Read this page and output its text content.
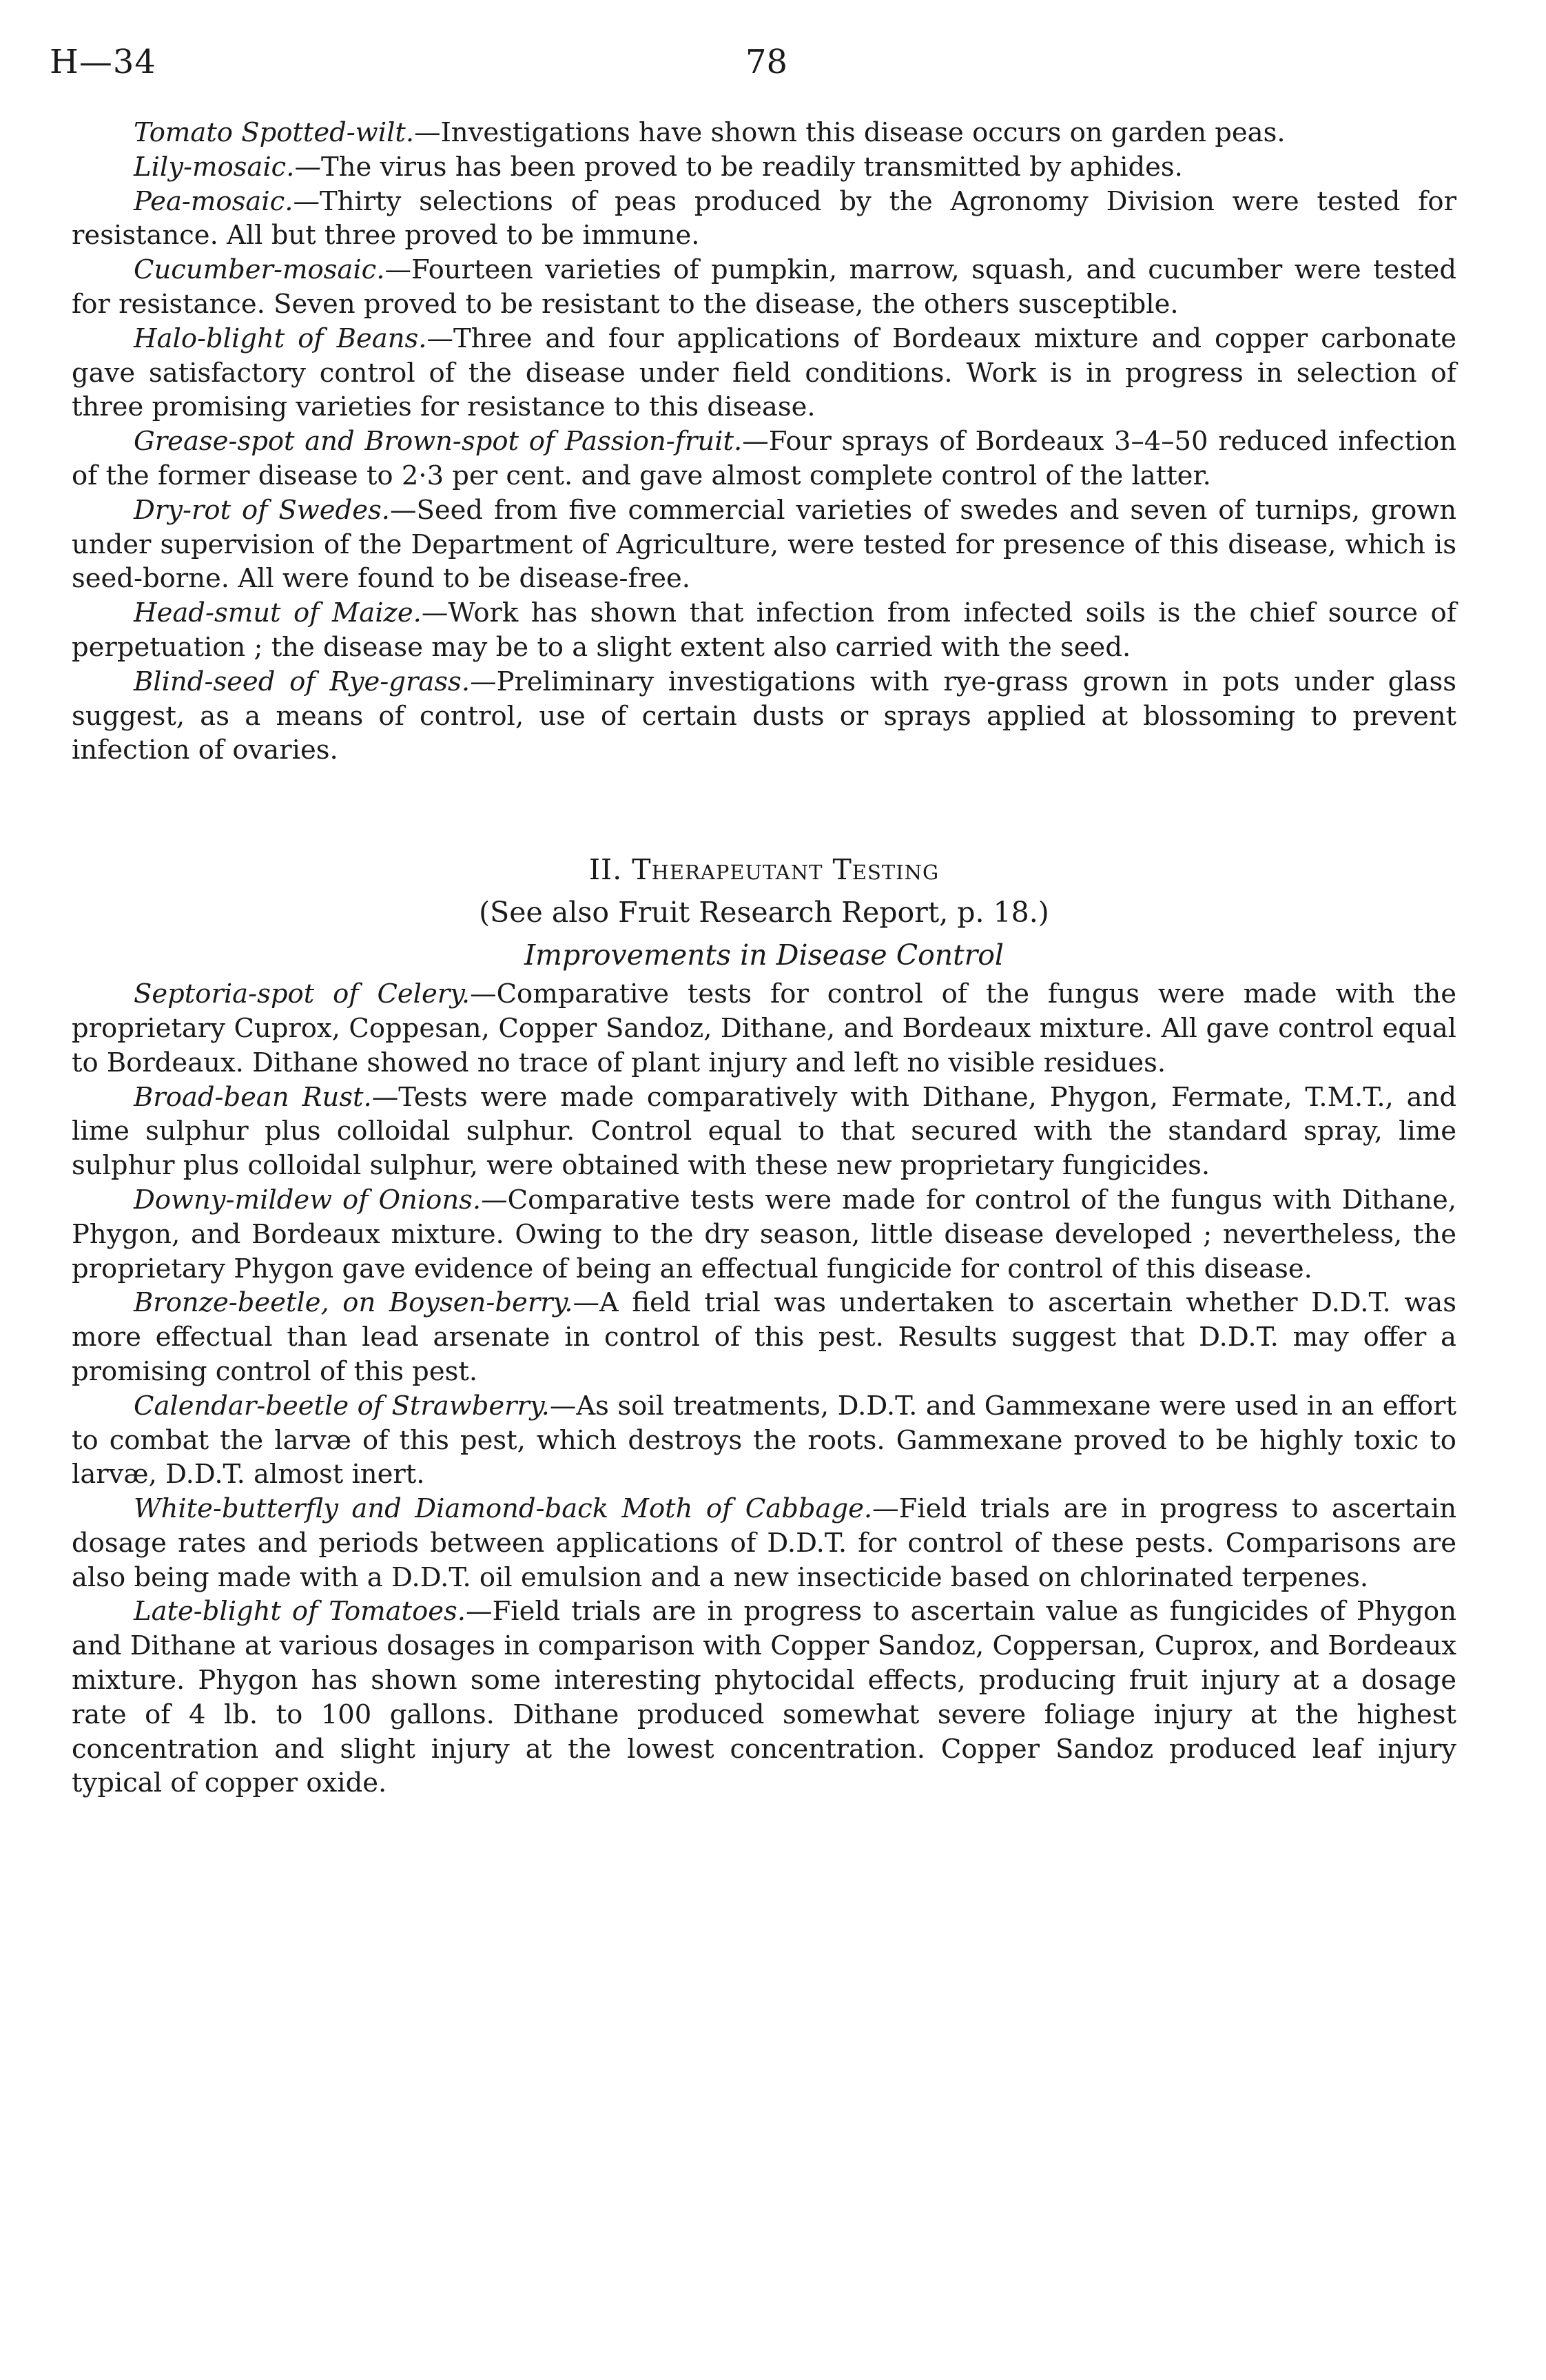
H—34	78

Tomato Spotted-wilt.—Investigations have shown this disease occurs on garden peas.

Lily-mosaic.—The virus has been proved to be readily transmitted by aphides.

Pea-mosaic.—Thirty selections of peas produced by the Agronomy Division were tested for resistance. All but three proved to be immune.

Cucumber-mosaic.—Fourteen varieties of pumpkin, marrow, squash, and cucumber were tested for resistance. Seven proved to be resistant to the disease, the others susceptible.

Halo-blight of Beans.—Three and four applications of Bordeaux mixture and copper carbonate gave satisfactory control of the disease under field conditions. Work is in progress in selection of three promising varieties for resistance to this disease.

Grease-spot and Brown-spot of Passion-fruit.—Four sprays of Bordeaux 3–4–50 reduced infection of the former disease to 2·3 per cent. and gave almost complete control of the latter.

Dry-rot of Swedes.—Seed from five commercial varieties of swedes and seven of turnips, grown under supervision of the Department of Agriculture, were tested for presence of this disease, which is seed-borne. All were found to be disease-free.

Head-smut of Maize.—Work has shown that infection from infected soils is the chief source of perpetuation ; the disease may be to a slight extent also carried with the seed.

Blind-seed of Rye-grass.—Preliminary investigations with rye-grass grown in pots under glass suggest, as a means of control, use of certain dusts or sprays applied at blossoming to prevent infection of ovaries.

II. Therapeutant Testing

(See also Fruit Research Report, p. 18.)

Improvements in Disease Control

Septoria-spot of Celery.—Comparative tests for control of the fungus were made with the proprietary Cuprox, Coppesan, Copper Sandoz, Dithane, and Bordeaux mixture. All gave control equal to Bordeaux. Dithane showed no trace of plant injury and left no visible residues.

Broad-bean Rust.—Tests were made comparatively with Dithane, Phygon, Fermate, T.M.T., and lime sulphur plus colloidal sulphur. Control equal to that secured with the standard spray, lime sulphur plus colloidal sulphur, were obtained with these new proprietary fungicides.

Downy-mildew of Onions.—Comparative tests were made for control of the fungus with Dithane, Phygon, and Bordeaux mixture. Owing to the dry season, little disease developed ; nevertheless, the proprietary Phygon gave evidence of being an effectual fungicide for control of this disease.

Bronze-beetle, on Boysen-berry.—A field trial was undertaken to ascertain whether D.D.T. was more effectual than lead arsenate in control of this pest. Results suggest that D.D.T. may offer a promising control of this pest.

Calendar-beetle of Strawberry.—As soil treatments, D.D.T. and Gammexane were used in an effort to combat the larvæ of this pest, which destroys the roots. Gammexane proved to be highly toxic to larvæ, D.D.T. almost inert.

White-butterfly and Diamond-back Moth of Cabbage.—Field trials are in progress to ascertain dosage rates and periods between applications of D.D.T. for control of these pests. Comparisons are also being made with a D.D.T. oil emulsion and a new insecticide based on chlorinated terpenes.

Late-blight of Tomatoes.—Field trials are in progress to ascertain value as fungicides of Phygon and Dithane at various dosages in comparison with Copper Sandoz, Coppersan, Cuprox, and Bordeaux mixture. Phygon has shown some interesting phytocidal effects, producing fruit injury at a dosage rate of 4 lb. to 100 gallons. Dithane produced somewhat severe foliage injury at the highest concentration and slight injury at the lowest concentration. Copper Sandoz produced leaf injury typical of copper oxide.
